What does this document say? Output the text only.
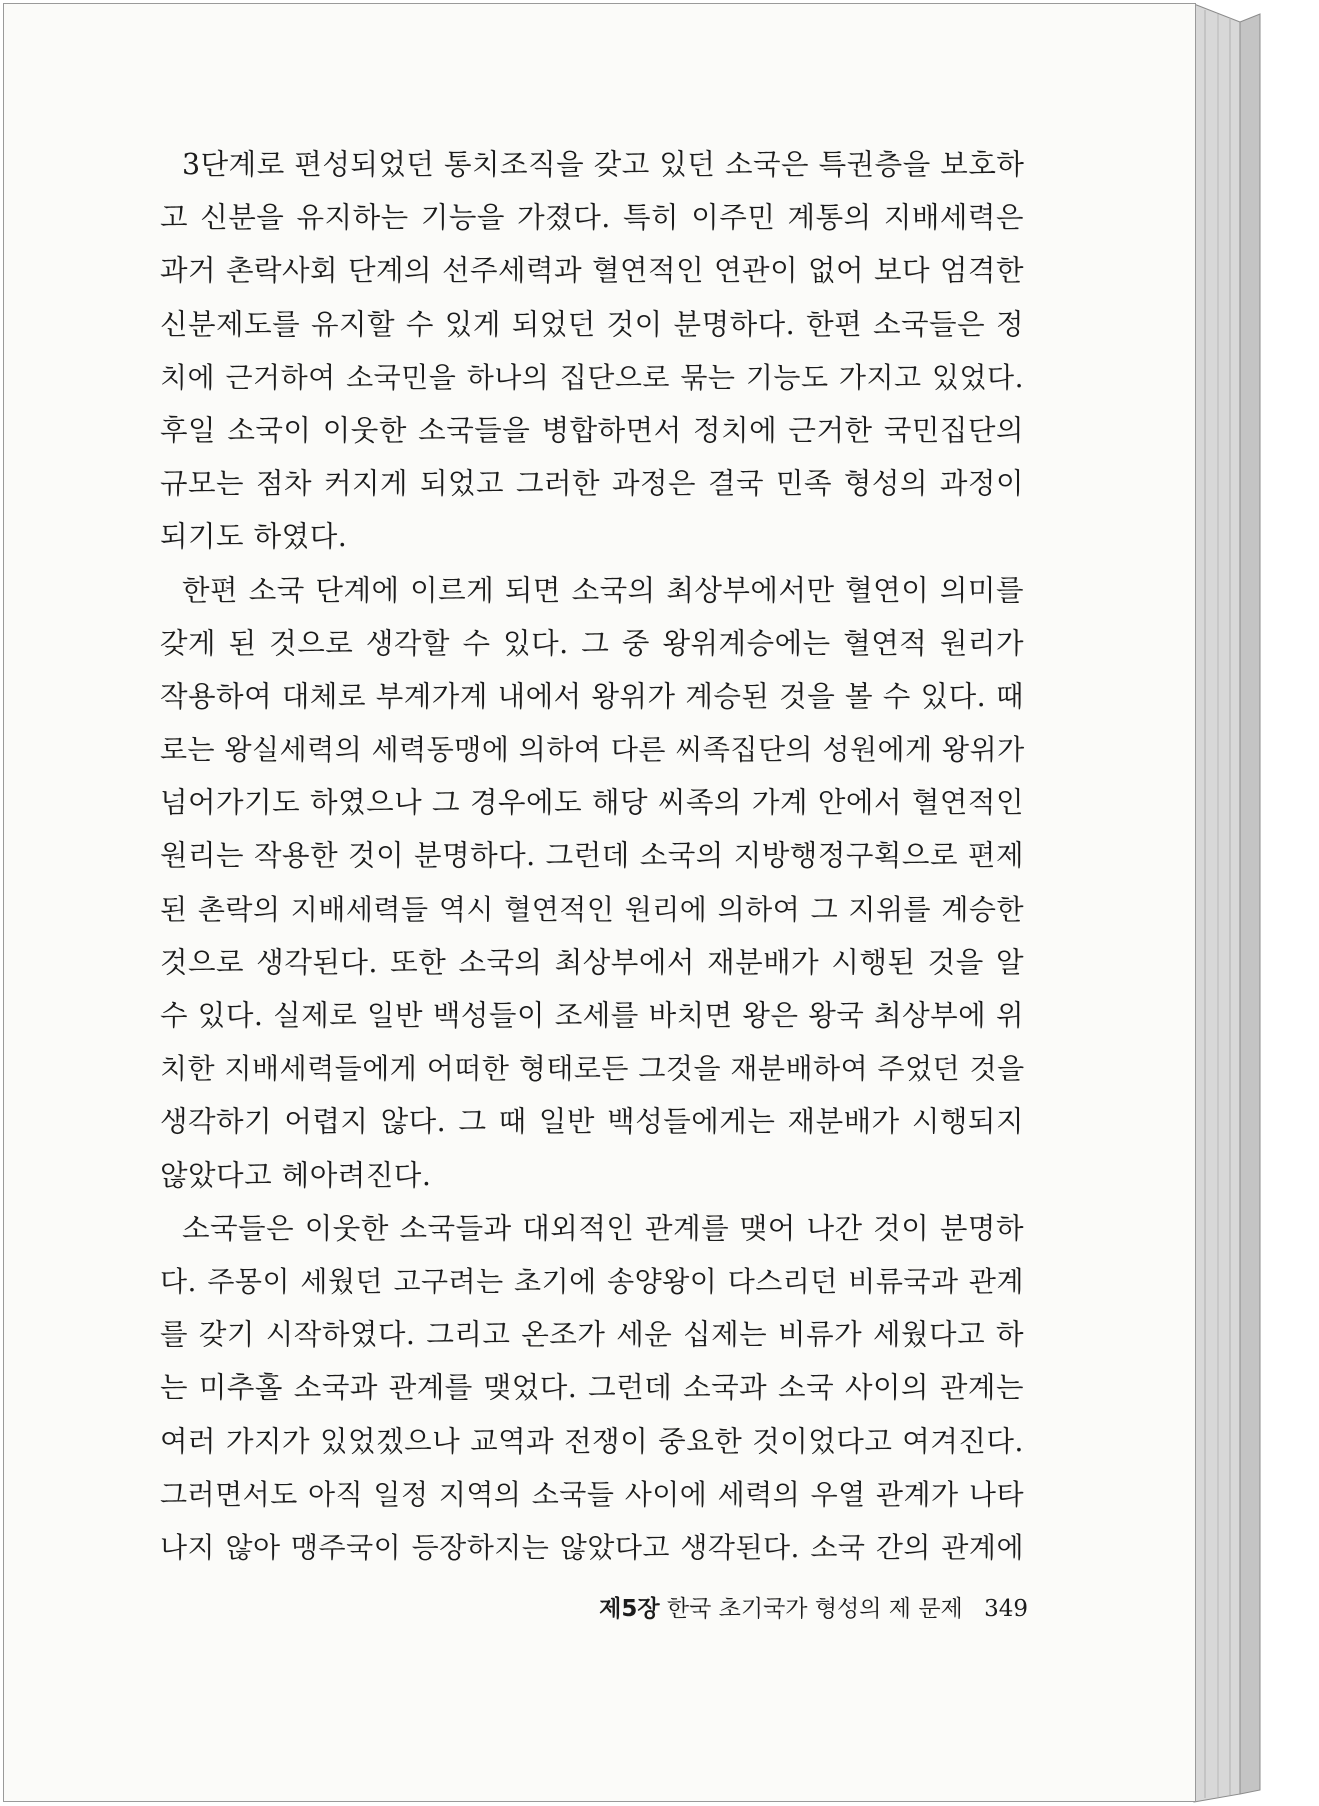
3단계로 편성되었던 통치조직을 갖고 있던 소국은 특권층을 보호하
고 신분을 유지하는 기능을 가졌다. 특히 이주민 계통의 지배세력은
과거 촌락사회 단계의 선주세력과 혈연적인 연관이 없어 보다 엄격한
신분제도를 유지할 수 있게 되었던 것이 분명하다. 한편 소국들은 정
치에 근거하여 소국민을 하나의 집단으로 묶는 기능도 가지고 있었다.
후일 소국이 이웃한 소국들을 병합하면서 정치에 근거한 국민집단의
규모는 점차 커지게 되었고 그러한 과정은 결국 민족 형성의 과정이
되기도 하였다.
한편 소국 단계에 이르게 되면 소국의 최상부에서만 혈연이 의미를
갖게 된 것으로 생각할 수 있다. 그 중 왕위계승에는 혈연적 원리가
작용하여 대체로 부계가계 내에서 왕위가 계승된 것을 볼 수 있다. 때
로는 왕실세력의 세력동맹에 의하여 다른 씨족집단의 성원에게 왕위가
넘어가기도 하였으나 그 경우에도 해당 씨족의 가계 안에서 혈연적인
원리는 작용한 것이 분명하다. 그런데 소국의 지방행정구획으로 편제
된 촌락의 지배세력들 역시 혈연적인 원리에 의하여 그 지위를 계승한
것으로 생각된다. 또한 소국의 최상부에서 재분배가 시행된 것을 알
수 있다. 실제로 일반 백성들이 조세를 바치면 왕은 왕국 최상부에 위
치한 지배세력들에게 어떠한 형태로든 그것을 재분배하여 주었던 것을
생각하기 어렵지 않다. 그 때 일반 백성들에게는 재분배가 시행되지
않았다고 헤아려진다.
소국들은 이웃한 소국들과 대외적인 관계를 맺어 나간 것이 분명하
다. 주몽이 세웠던 고구려는 초기에 송양왕이 다스리던 비류국과 관계
를 갖기 시작하였다. 그리고 온조가 세운 십제는 비류가 세웠다고 하
는 미추홀 소국과 관계를 맺었다. 그런데 소국과 소국 사이의 관계는
여러 가지가 있었겠으나 교역과 전쟁이 중요한 것이었다고 여겨진다.
그러면서도 아직 일정 지역의 소국들 사이에 세력의 우열 관계가 나타
나지 않아 맹주국이 등장하지는 않았다고 생각된다. 소국 간의 관계에
제5장 한국 초기국가 형성의 제 문제 349
